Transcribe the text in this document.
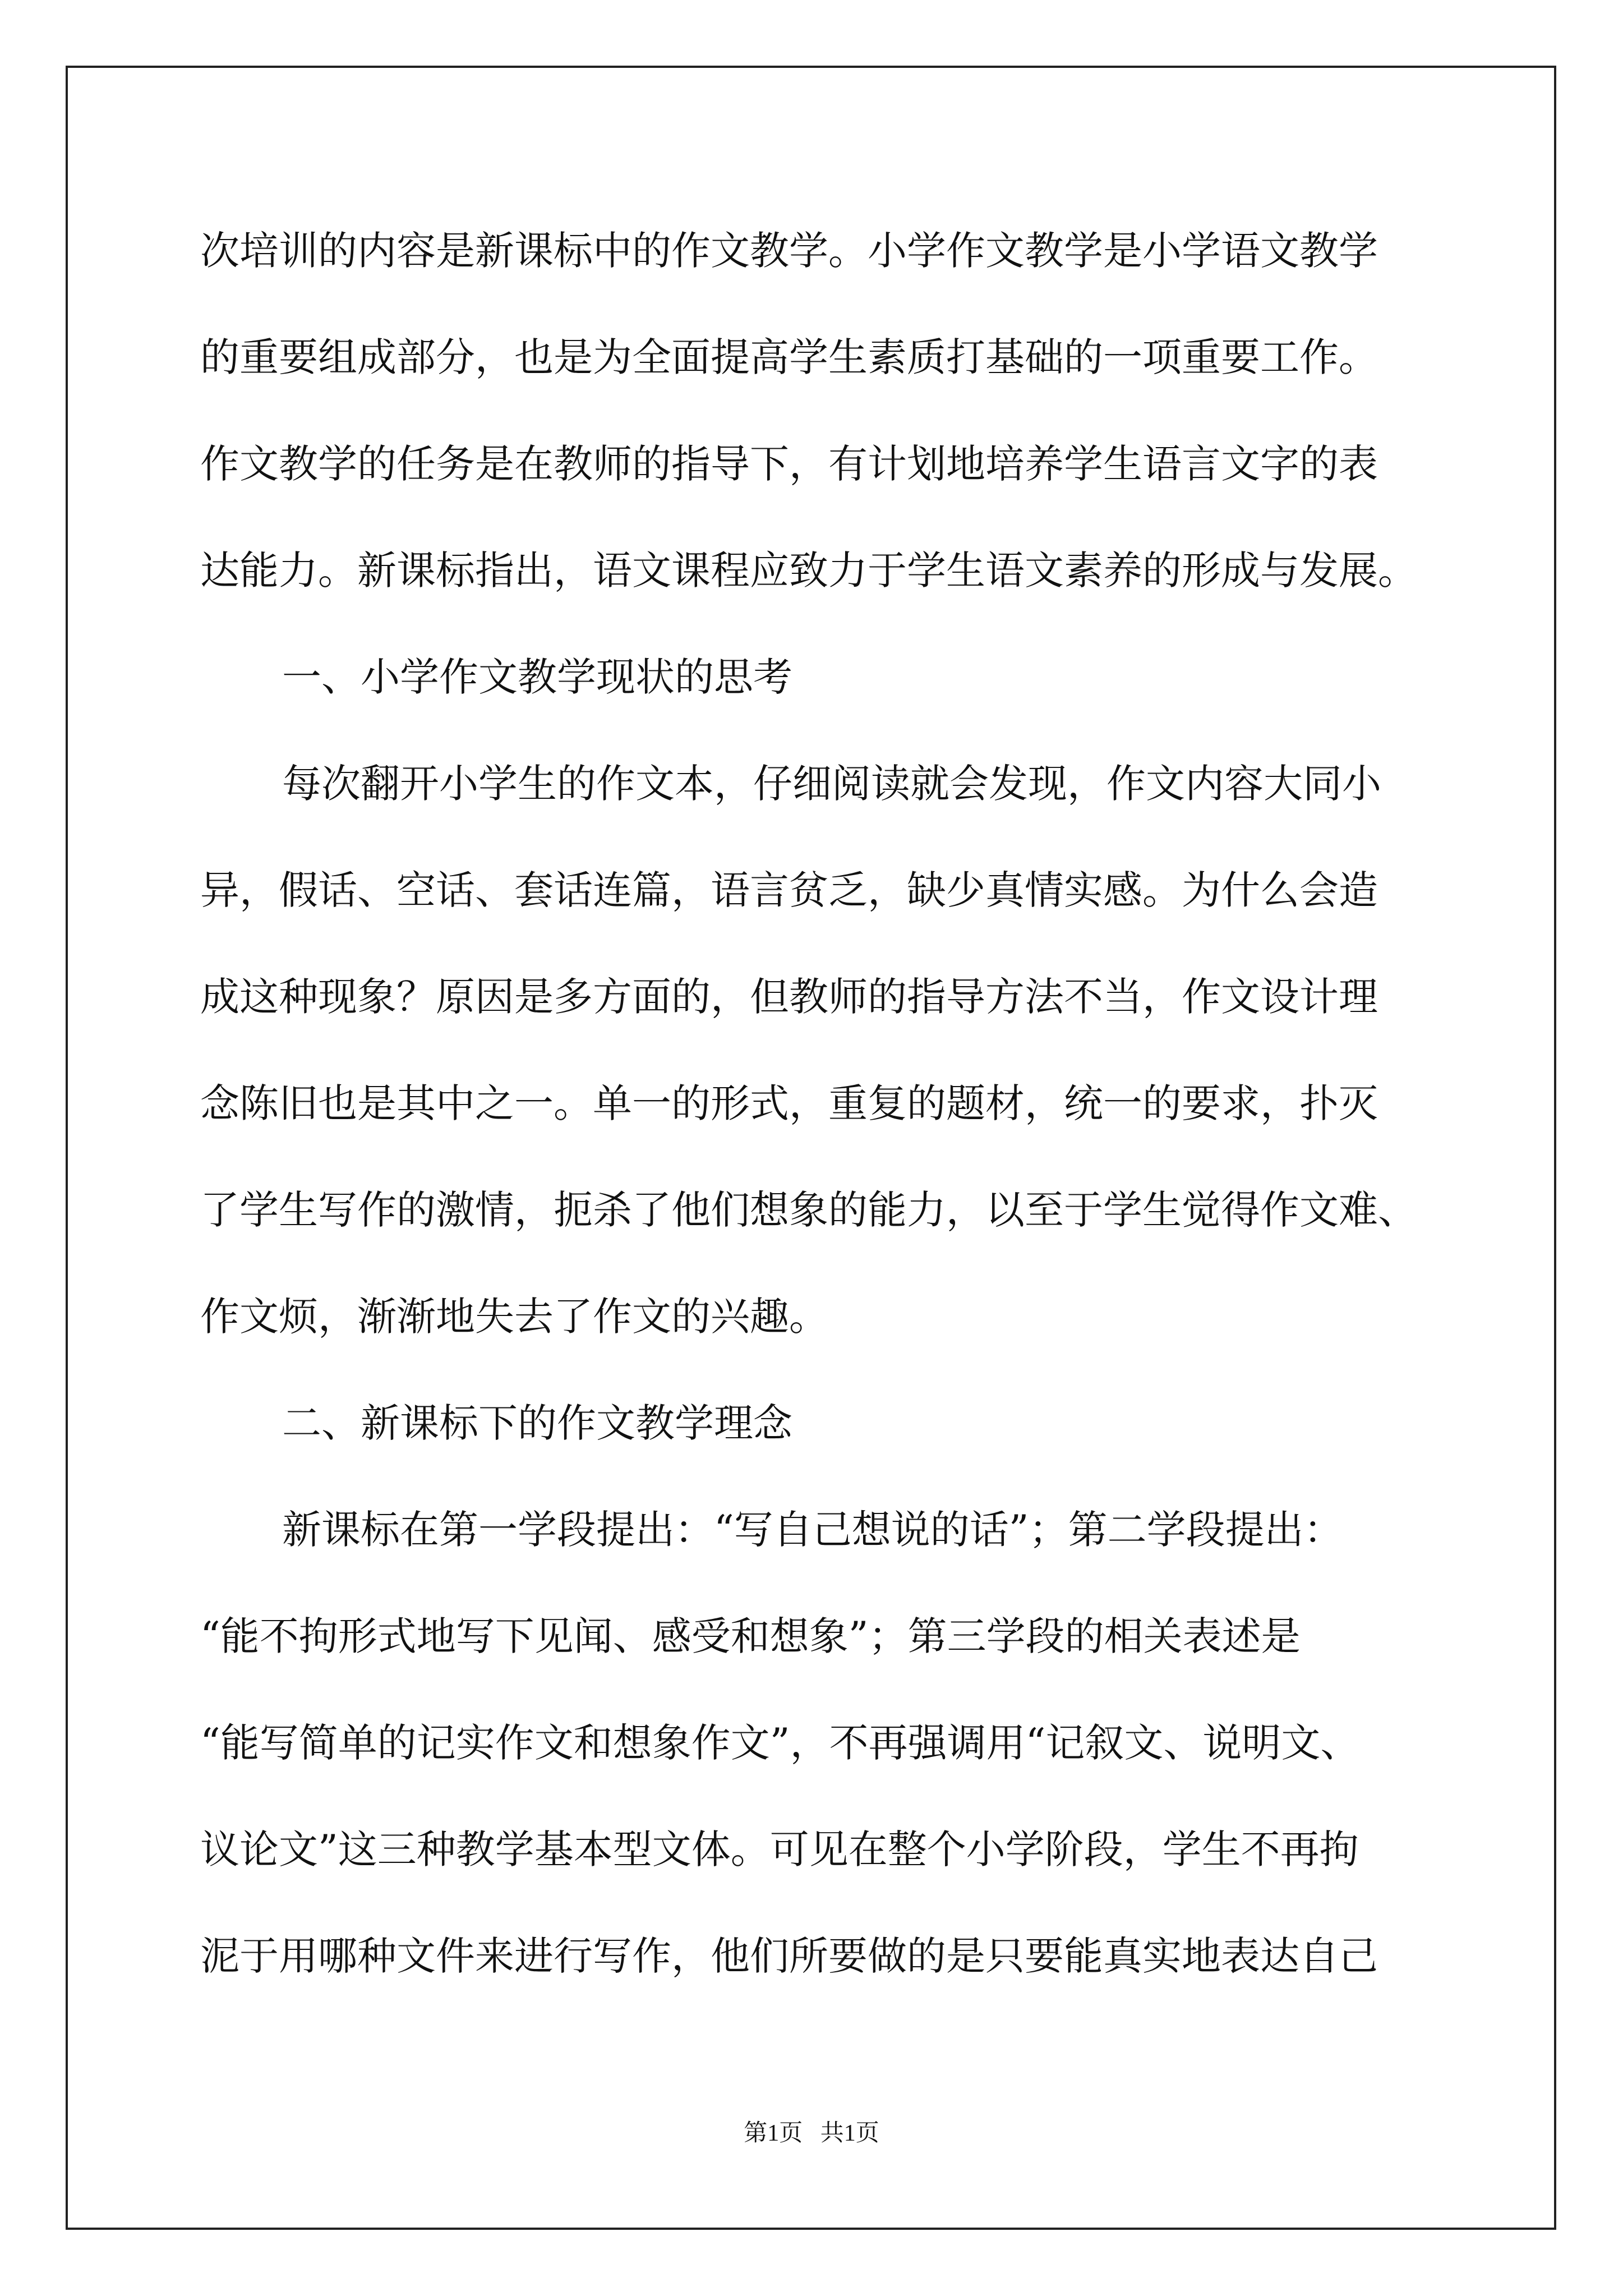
次培训的内容是新课标中的作文教学。小学作文教学是小学语文教学
的重要组成部分，也是为全面提高学生素质打基础的一项重要工作。
作文教学的任务是在教师的指导下，有计划地培养学生语言文字的表
达能力。新课标指出，语文课程应致力于学生语文素养的形成与发展。
一、小学作文教学现状的思考
每次翻开小学生的作文本，仔细阅读就会发现，作文内容大同小
异，假话、空话、套话连篇，语言贫乏，缺少真情实感。为什么会造
成这种现象？原因是多方面的，但教师的指导方法不当，作文设计理
念陈旧也是其中之一。单一的形式，重复的题材，统一的要求，扑灭
了学生写作的激情，扼杀了他们想象的能力，以至于学生觉得作文难、
作文烦，渐渐地失去了作文的兴趣。
二、新课标下的作文教学理念
新课标在第一学段提出：“写自己想说的话”；第二学段提出：
“能不拘形式地写下见闻、感受和想象”；第三学段的相关表述是
“能写简单的记实作文和想象作文”，不再强调用“记叙文、说明文、
议论文”这三种教学基本型文体。可见在整个小学阶段，学生不再拘
泥于用哪种文件来进行写作，他们所要做的是只要能真实地表达自己
第1页   共1页
